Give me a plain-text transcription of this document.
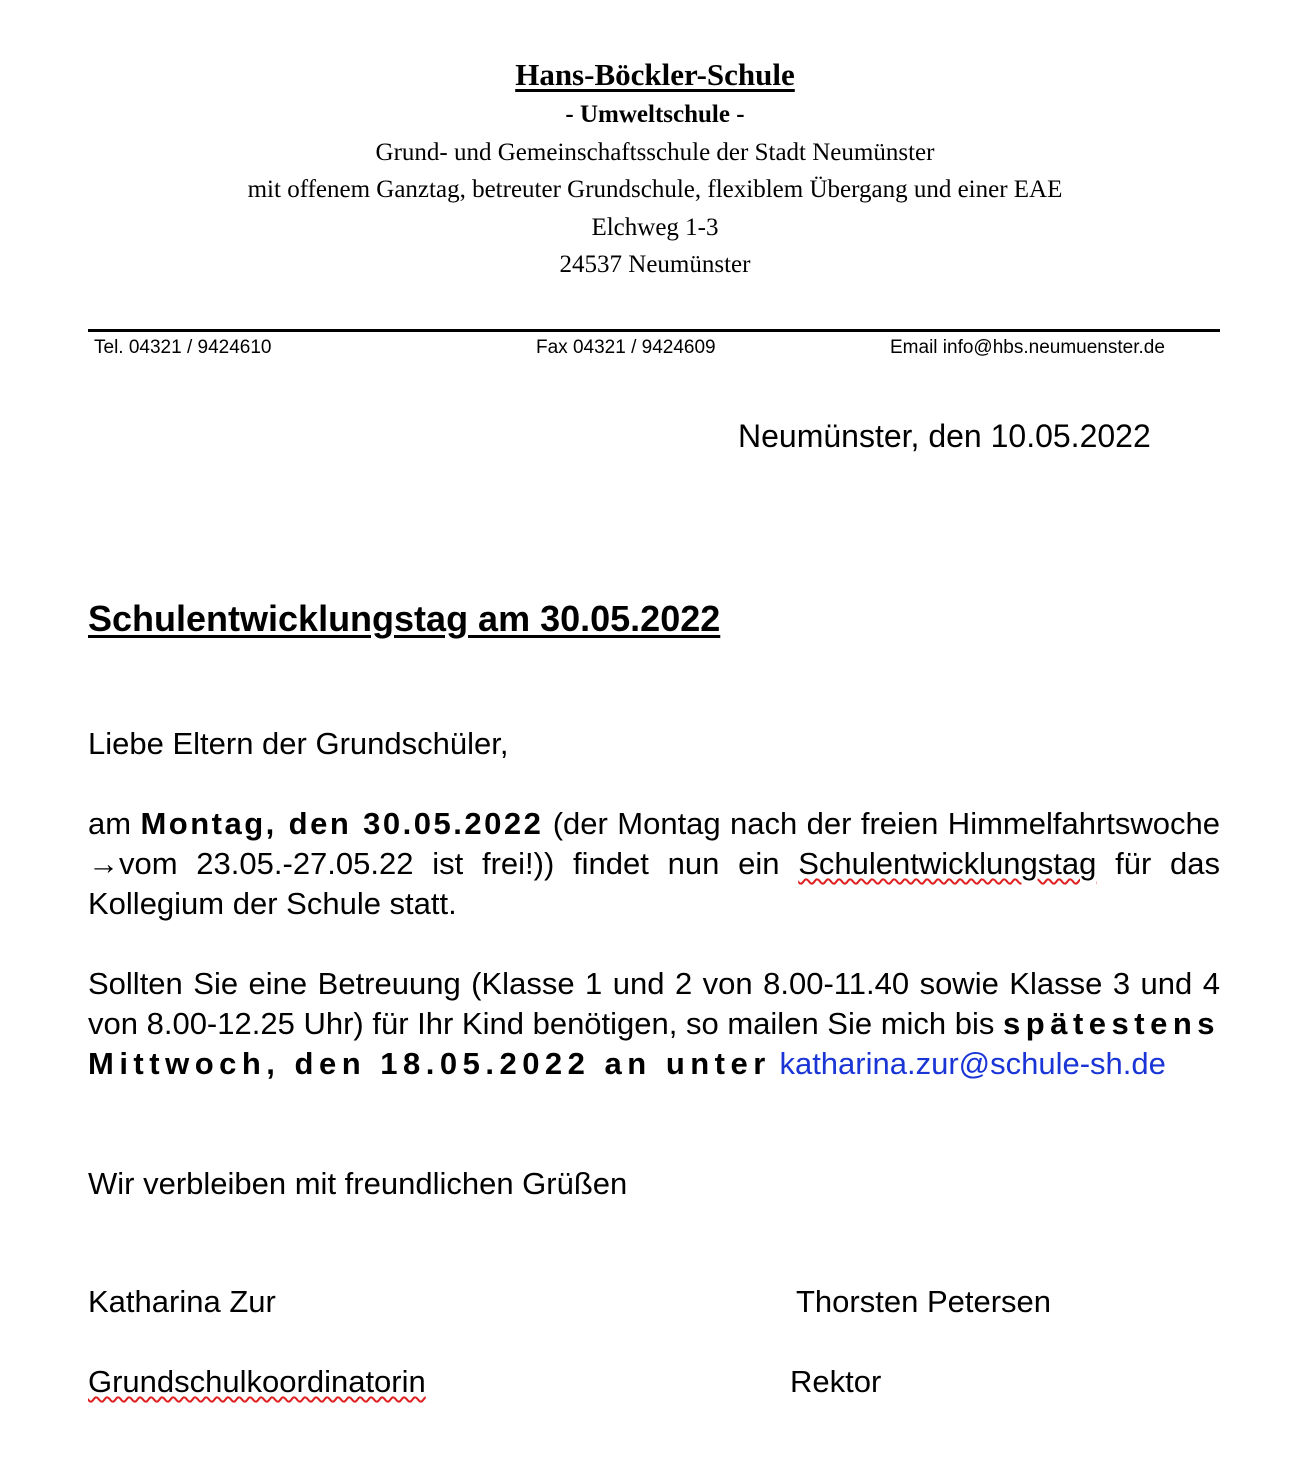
Hans-Böckler-Schule
- Umweltschule -
Grund- und Gemeinschaftsschule der Stadt Neumünster
mit offenem Ganztag, betreuter Grundschule, flexiblem Übergang und einer EAE
Elchweg 1-3
24537 Neumünster
Tel. 04321 / 9424610	Fax 04321 / 9424609	Email info@hbs.neumuenster.de
Neumünster, den 10.05.2022
Schulentwicklungstag am 30.05.2022
Liebe Eltern der Grundschüler,
am Montag, den 30.05.2022 (der Montag nach der freien Himmelfahrtswoche →vom 23.05.-27.05.22 ist frei!)) findet nun ein Schulentwicklungstag für das Kollegium der Schule statt.
Sollten Sie eine Betreuung (Klasse 1 und 2 von 8.00-11.40 sowie Klasse 3 und 4 von 8.00-12.25 Uhr) für Ihr Kind benötigen, so mailen Sie mich bis spätestens Mittwoch, den 18.05.2022 an unter katharina.zur@schule-sh.de
Wir verbleiben mit freundlichen Grüßen
Katharina Zur	Thorsten Petersen
Grundschulkoordinatorin	Rektor
